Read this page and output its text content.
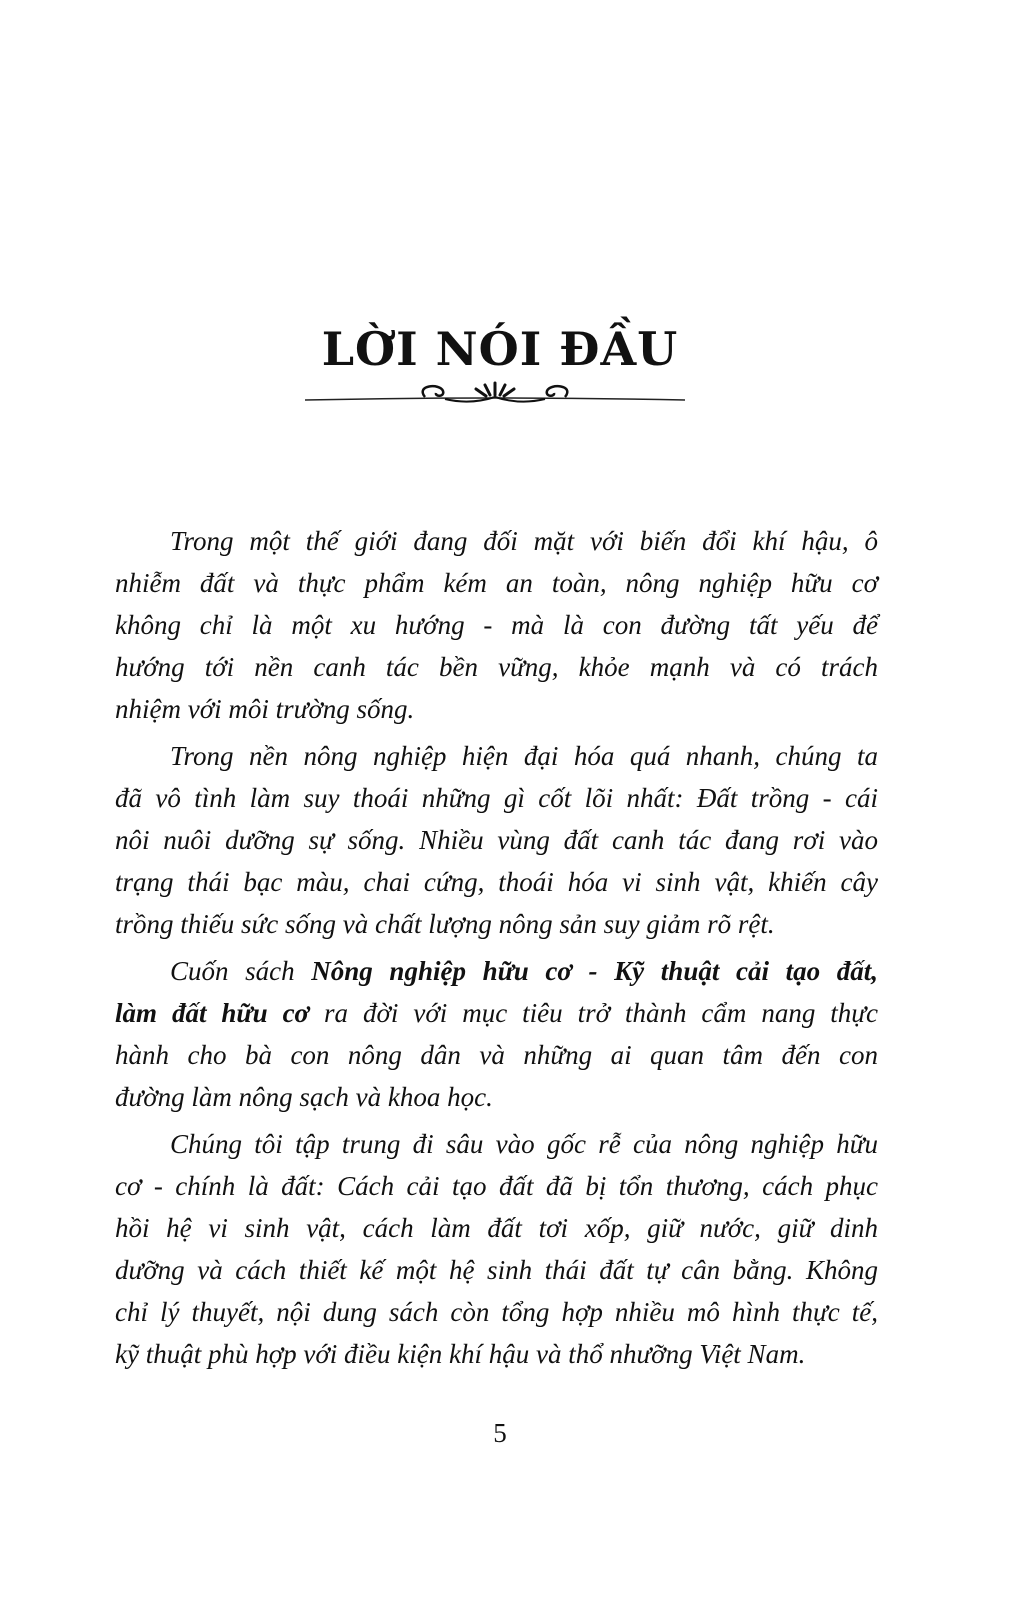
LỜI NÓI ĐẦU
Trong một thế giới đang đối mặt với biến đổi khí hậu, ô
nhiễm đất và thực phẩm kém an toàn, nông nghiệp hữu cơ
không chỉ là một xu hướng - mà là con đường tất yếu để
hướng tới nền canh tác bền vững, khỏe mạnh và có trách
nhiệm với môi trường sống.
Trong nền nông nghiệp hiện đại hóa quá nhanh, chúng ta
đã vô tình làm suy thoái những gì cốt lõi nhất: Đất trồng - cái
nôi nuôi dưỡng sự sống. Nhiều vùng đất canh tác đang rơi vào
trạng thái bạc màu, chai cứng, thoái hóa vi sinh vật, khiến cây
trồng thiếu sức sống và chất lượng nông sản suy giảm rõ rệt.
Cuốn sách Nông nghiệp hữu cơ - Kỹ thuật cải tạo đất,
làm đất hữu cơ ra đời với mục tiêu trở thành cẩm nang thực
hành cho bà con nông dân và những ai quan tâm đến con
đường làm nông sạch và khoa học.
Chúng tôi tập trung đi sâu vào gốc rễ của nông nghiệp hữu
cơ - chính là đất: Cách cải tạo đất đã bị tổn thương, cách phục
hồi hệ vi sinh vật, cách làm đất tơi xốp, giữ nước, giữ dinh
dưỡng và cách thiết kế một hệ sinh thái đất tự cân bằng. Không
chỉ lý thuyết, nội dung sách còn tổng hợp nhiều mô hình thực tế,
kỹ thuật phù hợp với điều kiện khí hậu và thổ nhưỡng Việt Nam.
5
